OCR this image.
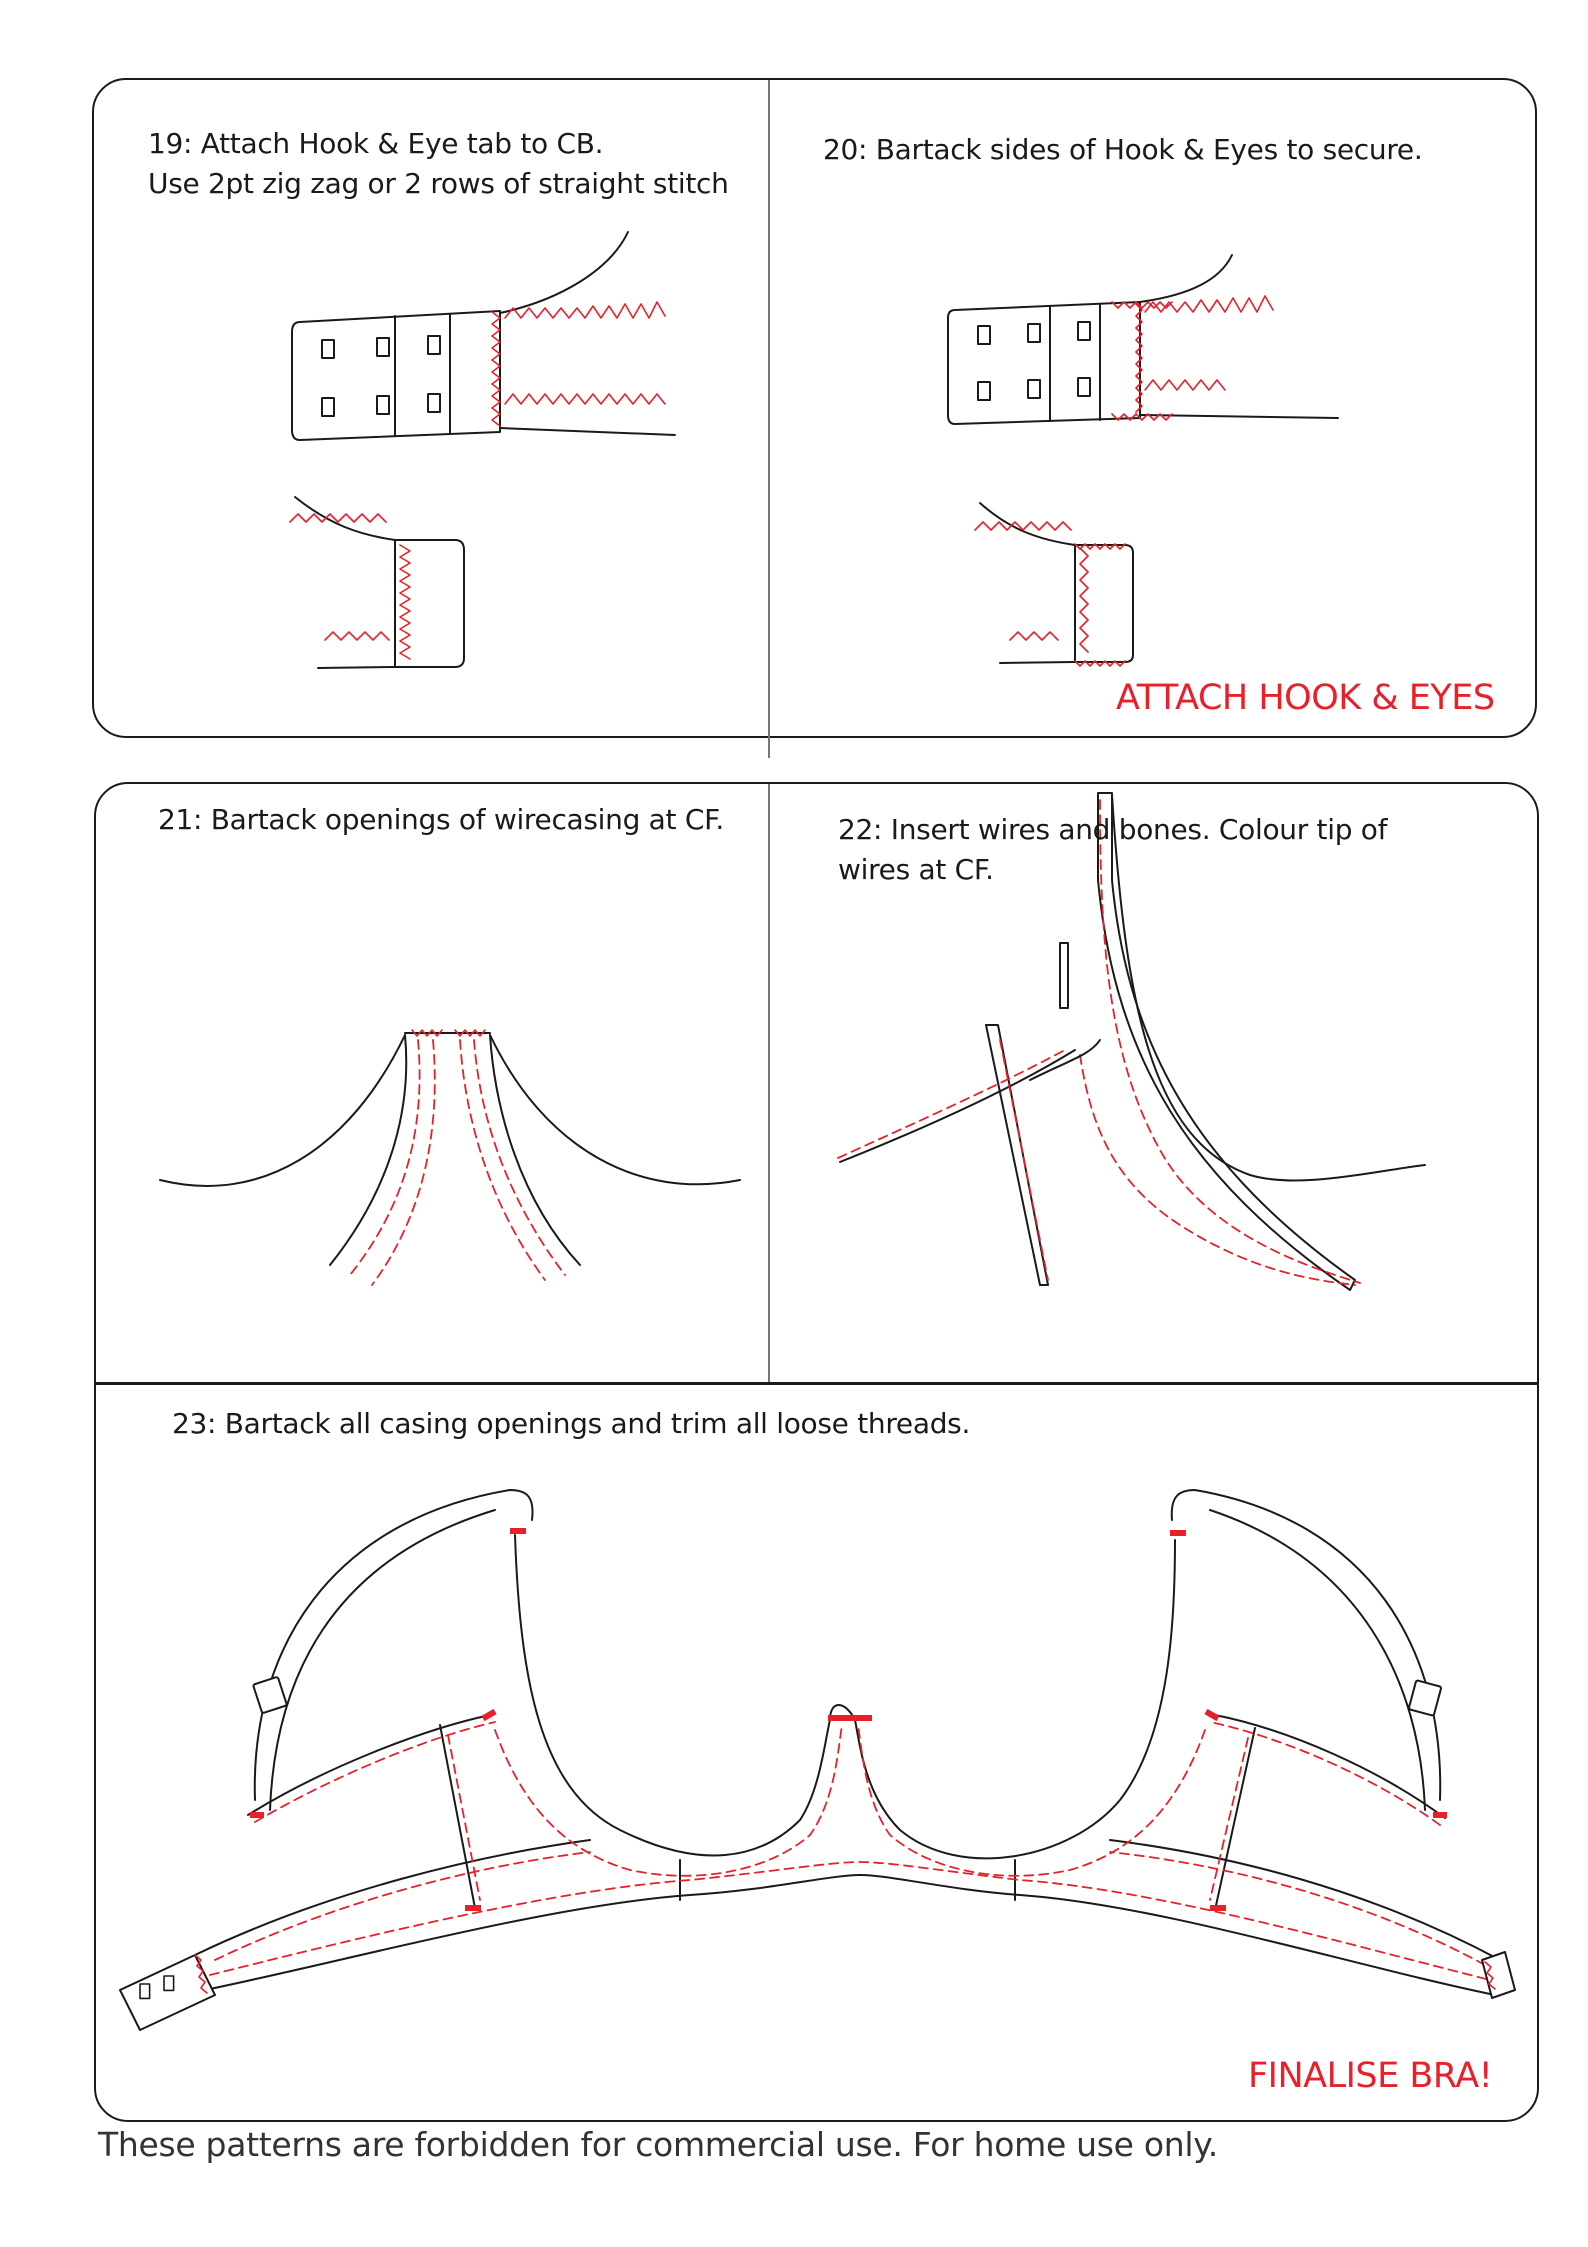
19: Attach Hook & Eye tab to CB.
Use 2pt zig zag or 2 rows of straight stitch
20: Bartack sides of Hook & Eyes to secure.
ATTACH HOOK & EYES
21: Bartack openings of wirecasing at CF.	22: Insert wires and bones. Colour tip of
wires at CF.
23: Bartack all casing openings and trim all loose threads.
FINALISE BRA!
These patterns are forbidden for commercial use. For home use only.
